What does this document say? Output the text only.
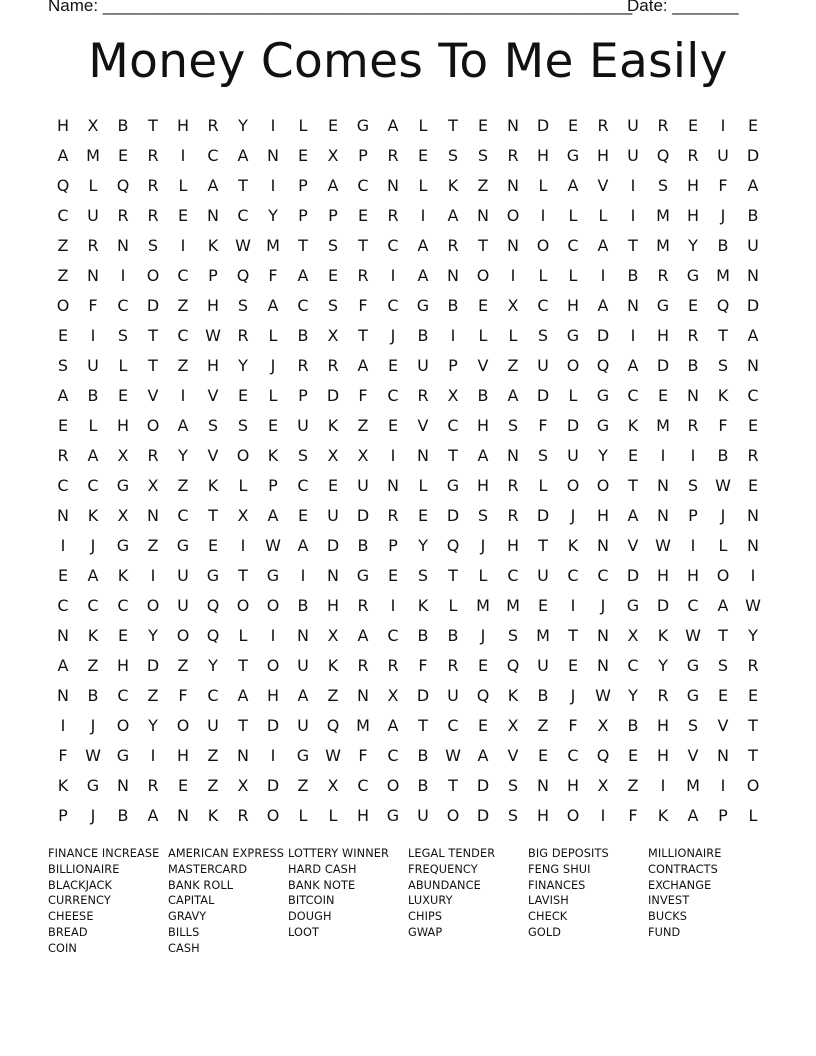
Name: ________________________________________________________
Date: _______
Money Comes To Me Easily
H	X	B	T	H	R	Y	I	L	E	G	A	L	T	E	N	D	E	R	U	R	E	I	E
A	M	E	R	I	C	A	N	E	X	P	R	E	S	S	R	H	G	H	U	Q	R	U	D
Q	L	Q	R	L	A	T	I	P	A	C	N	L	K	Z	N	L	A	V	I	S	H	F	A
C	U	R	R	E	N	C	Y	P	P	E	R	I	A	N	O	I	L	L	I	M	H	J	B
Z	R	N	S	I	K	W M	T	S	T	C	A	R	T	N	O	C	A	T	M	Y	B	U
Z	N	I	O	C	P	Q	F	A	E	R	I	A	N	O	I	L	L	I	B	R	G	M	N
O	F	C	D	Z	H	S	A	C	S	F	C	G	B	E	X	C	H	A	N	G	E	Q	D
E	I	S	T	C	W	R	L	B	X	T	J	B	I	L	L	S	G	D	I	H	R	T	A
S	U	L	T	Z	H	Y	J	R	R	A	E	U	P	V	Z	U	O	Q	A	D	B	S	N
A	B	E	V	I	V	E	L	P	D	F	C	R	X	B	A	D	L	G	C	E	N	K	C
E	L	H	O	A	S	S	E	U	K	Z	E	V	C	H	S	F	D	G	K	M	R	F	E
R	A	X	R	Y	V	O	K	S	X	X	I	N	T	A	N	S	U	Y	E	I	I	B	R
C	C	G	X	Z	K	L	P	C	E	U	N	L	G	H	R	L	O	O	T	N	S	W	E
N	K	X	N	C	T	X	A	E	U	D	R	E	D	S	R	D	J	H	A	N	P	J	N
I	J	G	Z	G	E	I	W	A	D	B	P	Y	Q	J	H	T	K	N	V	W	I	L	N
E	A	K	I	U	G	T	G	I	N	G	E	S	T	L	C	U	C	C	D	H	H	O	I
C	C	C	O	U	Q	O	O	B	H	R	I	K	L	M	M	E	I	J	G	D	C	A	W
N	K	E	Y	O	Q	L	I	N	X	A	C	B	B	J	S	M	T	N	X	K	W	T	Y
A	Z	H	D	Z	Y	T	O	U	K	R	R	F	R	E	Q	U	E	N	C	Y	G	S	R
N	B	C	Z	F	C	A	H	A	Z	N	X	D	U	Q	K	B	J	W	Y	R	G	E	E
I	J	O	Y	O	U	T	D	U	Q	M	A	T	C	E	X	Z	F	X	B	H	S	V	T
F	W G	I	H	Z	N	I	G W	F	C	B	W	A	V	E	C	Q	E	H	V	N	T
K	G	N	R	E	Z	X	D	Z	X	C	O	B	T	D	S	N	H	X	Z	I	M	I	O
P	J	B	A	N	K	R	O	L	L	H	G	U	O	D	S	H	O	I	F	K	A	P	L
FINANCE INCREASE
BILLIONAIRE
BLACKJACK
CURRENCY
CHEESE
BREAD
COIN
AMERICAN EXPRESS
MASTERCARD
BANK ROLL
CAPITAL
GRAVY
BILLS
CASH
LOTTERY WINNER
HARD CASH
BANK NOTE
BITCOIN
DOUGH
LOOT
LEGAL TENDER
FREQUENCY
ABUNDANCE
LUXURY
CHIPS
GWAP
BIG DEPOSITS
FENG SHUI
FINANCES
LAVISH
CHECK
GOLD
MILLIONAIRE
CONTRACTS
EXCHANGE
INVEST
BUCKS
FUND
